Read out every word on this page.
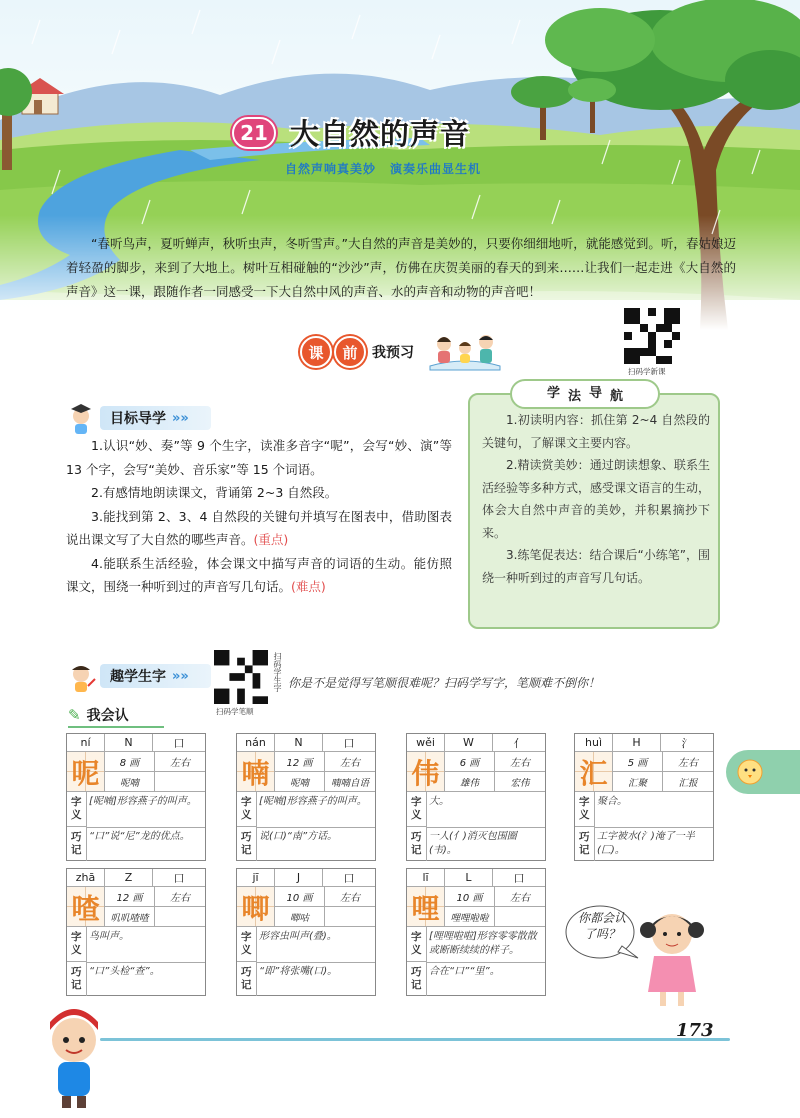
21 大自然的声音
自然声响真美妙 演奏乐曲显生机

“春听鸟声，夏听蝉声，秋听虫声，冬听雪声。”大自然的声音是美妙的，只要你细细地听，就能感觉到。听，春姑娘迈着轻盈的脚步，来到了大地上。树叶互相碰触的“沙沙”声，仿佛在庆贺美丽的春天的到来……让我们一起走进《大自然的声音》这一课，跟随作者一同感受一下大自然中风的声音、水的声音和动物的声音吧！

课	前	我预习
扫码学新课
目标导学 »»

1.认识“妙、奏”等 9 个生字，读准多音字“呢”，会写“妙、演”等 13 个字，会写“美妙、音乐家”等 15 个词语。

2.有感情地朗读课文，背诵第 2~3 自然段。

3.能找到第 2、3、4 自然段的关键句并填写在图表中，借助图表说出课文写了大自然的哪些声音。(重点)

4.能联系生活经验，体会课文中描写声音的词语的生动。能仿照课文，围绕一种听到过的声音写几句话。(难点)

学 法 导 航

1.初读明内容：抓住第 2~4 自然段的关键句，了解课文主要内容。

2.精读赏美妙：通过朗读想象、联系生活经验等多种方式，感受课文语言的生动，体会大自然中声音的美妙，并积累摘抄下来。

3.练笔促表达：结合课后“小练笔”，围绕一种听到过的声音写几句话。

趣学生字 »»
扫码学笔顺
扫码学生字 你是不是觉得写笔顺很难呢？扫码学写字，笔顺难不倒你！
✎ 我会认
ní	N	口
呢	8 画	左右
呢喃
字义
[呢喃]形容燕子的叫声。
巧记
“口”说“尼”龙的优点。
nán	N	口
喃	12 画	左右
呢喃	喃喃自语
字义
[呢喃]形容燕子的叫声。
巧记
说(口)“南”方话。
wěi	W	亻
伟	6 画	左右
雄伟	宏伟
字义
大。
巧记
一人(亻)消灭包围圈(韦)。
huì	H	氵
汇	5 画	左右
汇聚	汇报
字义
聚合。
巧记
工字被水(氵)淹了一半(匚)。
zhā	Z	口
喳	12 画	左右
叽叽喳喳
字义
鸟叫声。
巧记
“口”头检“查”。
jī	J	口
唧	10 画	左右
唧咕
字义
形容虫叫声(叠)。
巧记
“即”将张嘴(口)。
lī	L	口
哩	10 画	左右
哩哩啦啦
字义
[哩哩啦啦]形容零零散散或断断续续的样子。
巧记
合在“口”“里”。
你都会认了吗？
173
